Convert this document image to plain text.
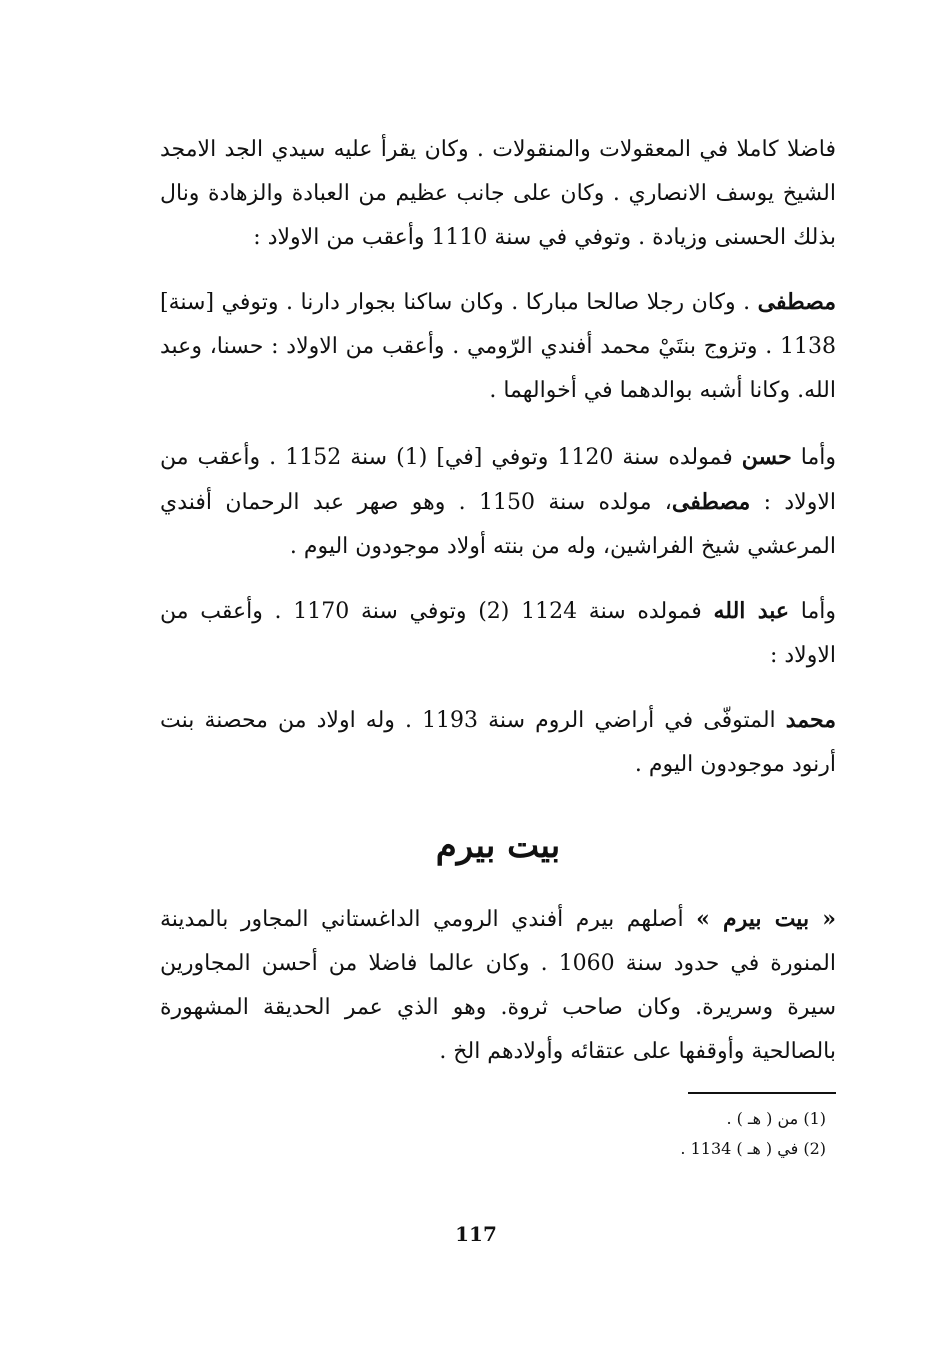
فاضلا كاملا في المعقولات والمنقولات . وكان يقرأ عليه سيدي الجد الامجد الشيخ يوسف الانصاري . وكان على جانب عظيم من العبادة والزهادة ونال بذلك الحسنى وزيادة . وتوفي في سنة 1110 وأعقب من الاولاد :

مصطفى . وكان رجلا صالحا مباركا . وكان ساكنا بجوار دارنا . وتوفي [سنة] 1138 . وتزوج بنتَيْ محمد أفندي الرّومي . وأعقب من الاولاد : حسنا، وعبد الله. وكانا أشبه بوالدهما في أخوالهما .

وأما حسن فمولده سنة 1120 وتوفي [في] (1) سنة 1152 . وأعقب من الاولاد : مصطفى، مولده سنة 1150 . وهو صهر عبد الرحمان أفندي المرعشي شيخ الفراشين، وله من بنته أولاد موجودون اليوم .

وأما عبد الله فمولده سنة 1124 (2) وتوفي سنة 1170 . وأعقب من الاولاد :

محمد المتوفّى في أراضي الروم سنة 1193 . وله اولاد من محصنة بنت أرنود موجودون اليوم .

بيت بيرم

« بيت بيرم » أصلهم بيرم أفندي الرومي الداغستاني المجاور بالمدينة المنورة في حدود سنة 1060 . وكان عالما فاضلا من أحسن المجاورين سيرة وسريرة. وكان صاحب ثروة. وهو الذي عمر الحديقة المشهورة بالصالحية وأوقفها على عتقائه وأولادهم الخ .

(1) من ( هـ ) .
(2) في ( هـ ) 1134 .
117
